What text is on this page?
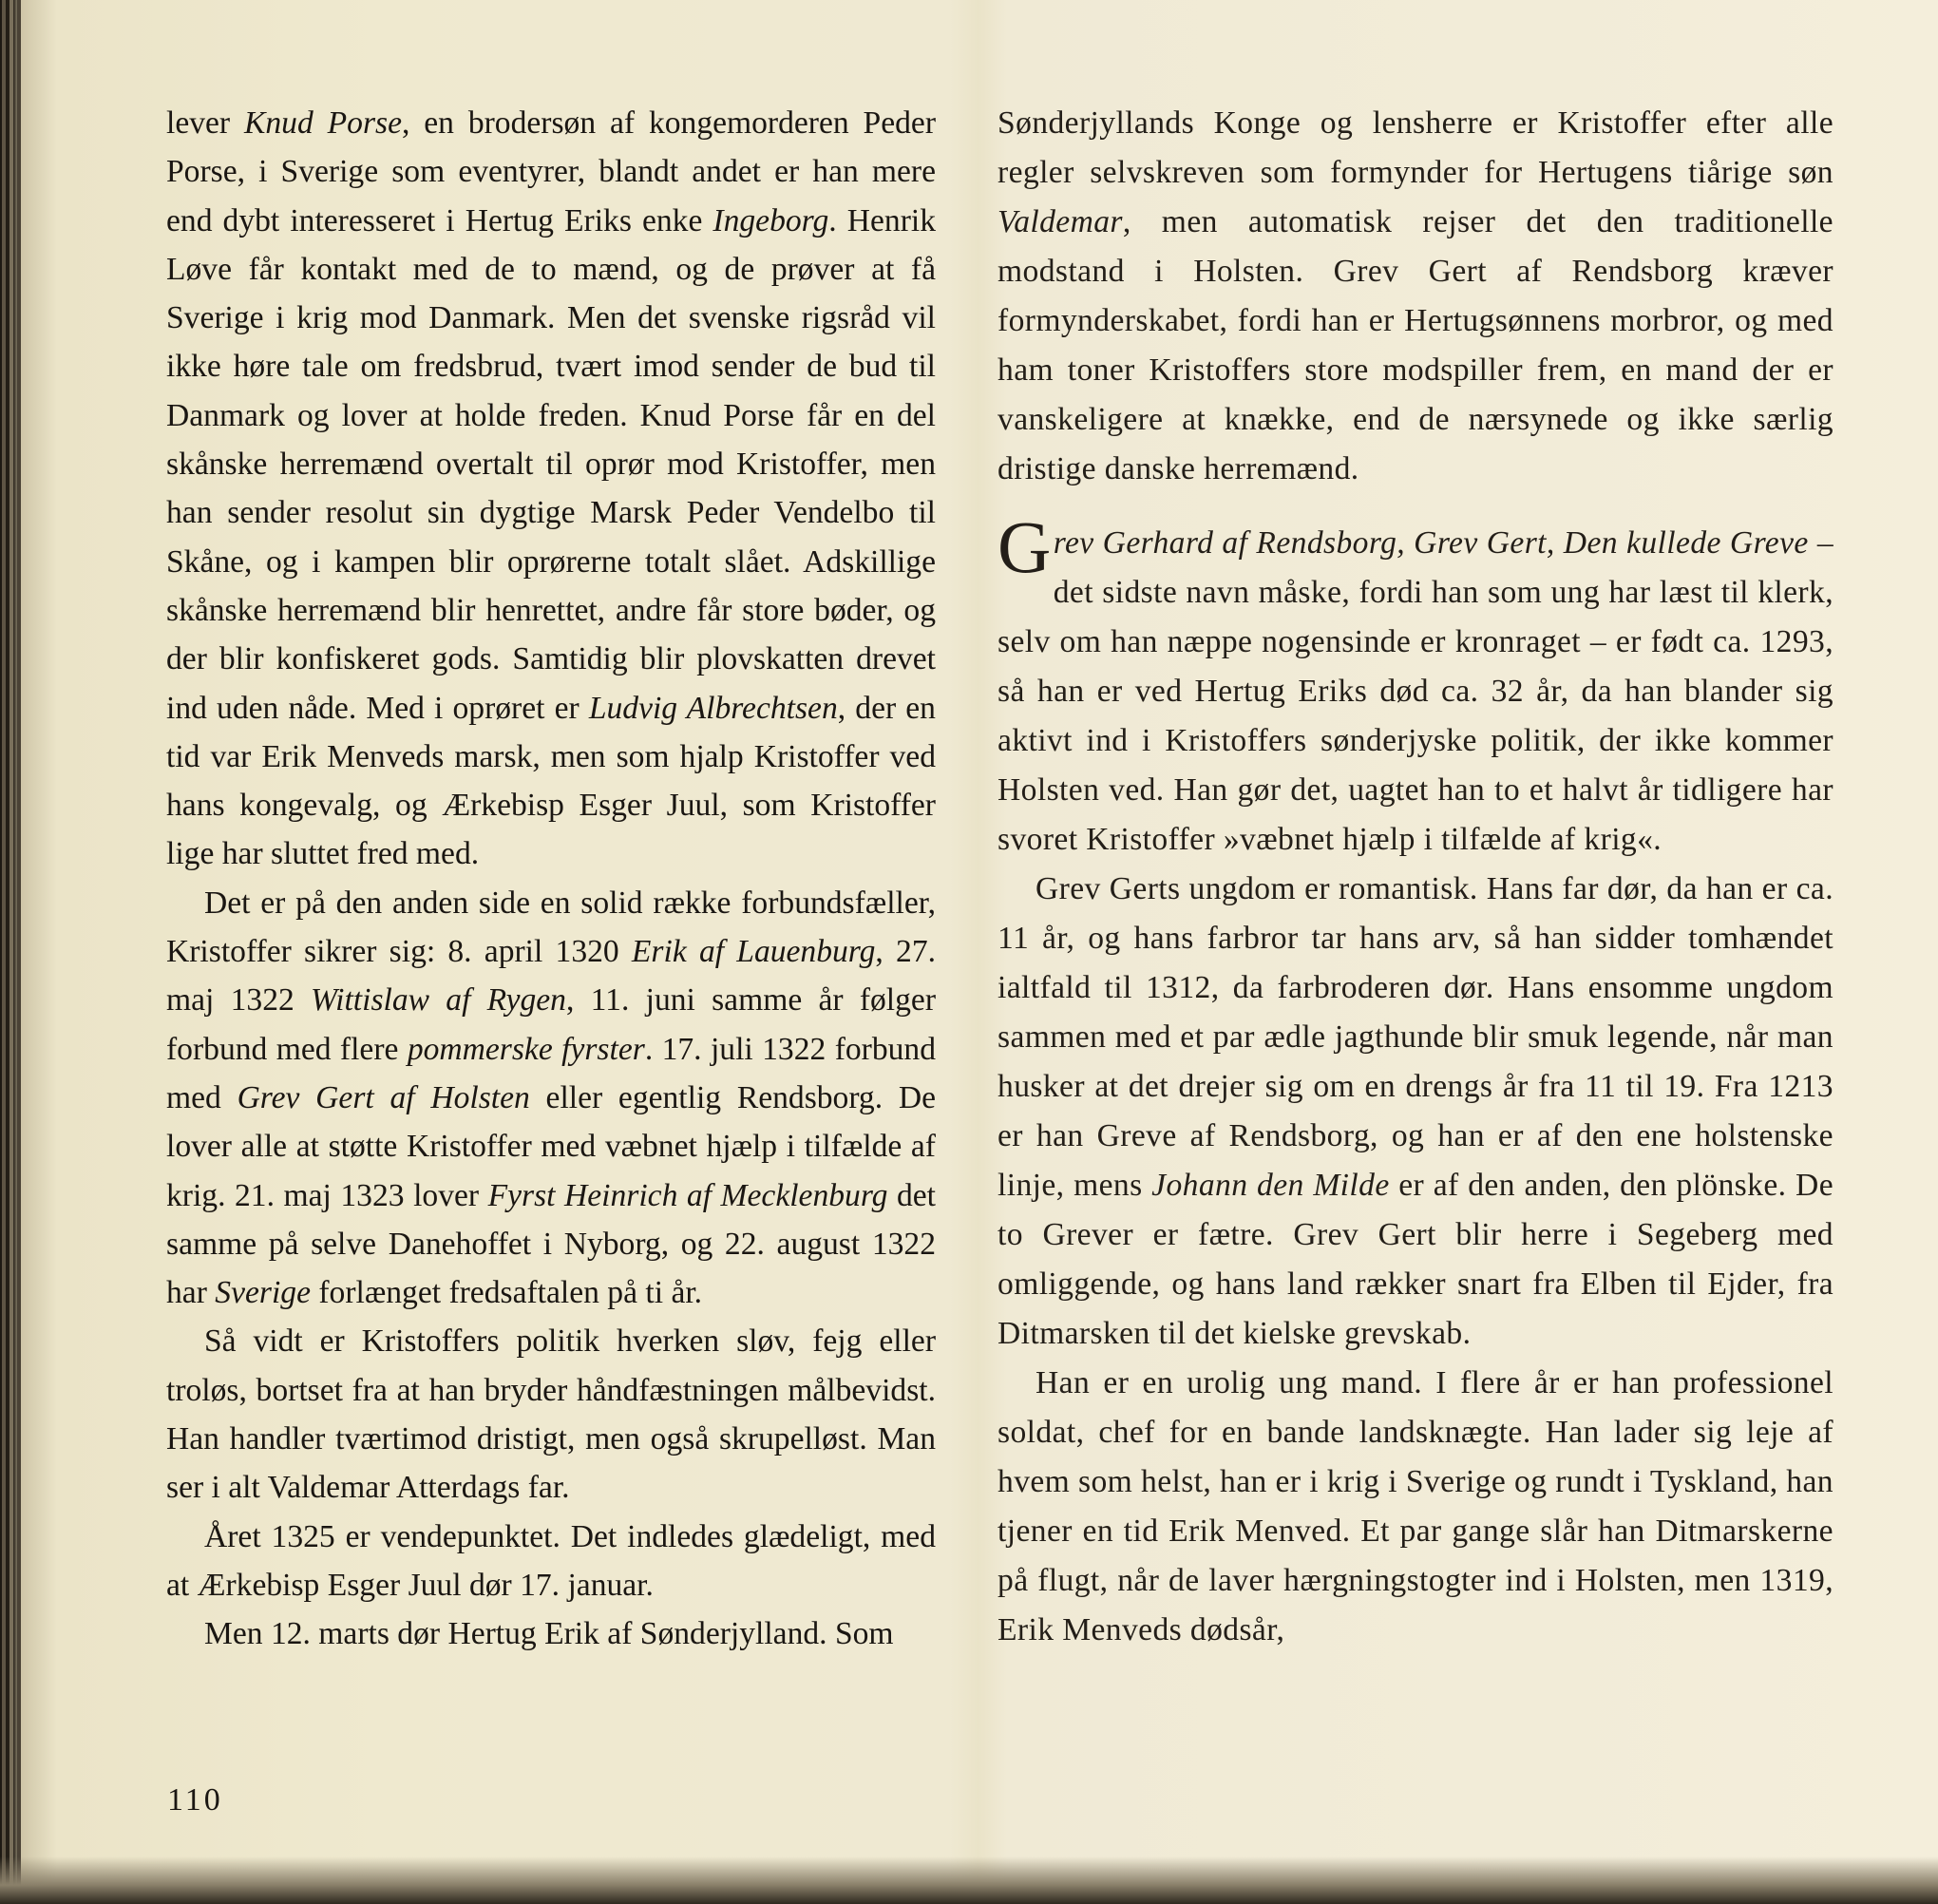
lever Knud Porse, en brodersøn af kongemorderen Peder Porse, i Sverige som eventyrer, blandt andet er han mere end dybt interesseret i Hertug Eriks enke Ingeborg. Henrik Løve får kontakt med de to mænd, og de prøver at få Sverige i krig mod Danmark. Men det svenske rigsråd vil ikke høre tale om fredsbrud, tvært imod sender de bud til Danmark og lover at holde freden. Knud Porse får en del skånske herremænd overtalt til oprør mod Kristoffer, men han sender resolut sin dygtige Marsk Peder Vendelbo til Skåne, og i kampen blir oprørerne totalt slået. Adskillige skånske herremænd blir henrettet, andre får store bøder, og der blir konfiskeret gods. Samtidig blir plovskatten drevet ind uden nåde. Med i oprøret er Ludvig Albrechtsen, der en tid var Erik Menveds marsk, men som hjalp Kristoffer ved hans kongevalg, og Ærkebisp Esger Juul, som Kristoffer lige har sluttet fred med.

Det er på den anden side en solid række forbundsfæller, Kristoffer sikrer sig: 8. april 1320 Erik af Lauenburg, 27. maj 1322 Wittislaw af Rygen, 11. juni samme år følger forbund med flere pommerske fyrster. 17. juli 1322 forbund med Grev Gert af Holsten eller egentlig Rendsborg. De lover alle at støtte Kristoffer med væbnet hjælp i tilfælde af krig. 21. maj 1323 lover Fyrst Heinrich af Mecklenburg det samme på selve Danehoffet i Nyborg, og 22. august 1322 har Sverige forlænget fredsaftalen på ti år.

Så vidt er Kristoffers politik hverken sløv, fejg eller troløs, bortset fra at han bryder håndfæstningen målbevidst. Han handler tværtimod dristigt, men også skrupelløst. Man ser i alt Valdemar Atterdags far.

Året 1325 er vendepunktet. Det indledes glædeligt, med at Ærkebisp Esger Juul dør 17. januar.

Men 12. marts dør Hertug Erik af Sønderjylland. Som

110

Sønderjyllands Konge og lensherre er Kristoffer efter alle regler selvskreven som formynder for Hertugens tiårige søn Valdemar, men automatisk rejser det den traditionelle modstand i Holsten. Grev Gert af Rendsborg kræver formynderskabet, fordi han er Hertugsønnens morbror, og med ham toner Kristoffers store modspiller frem, en mand der er vanskeligere at knække, end de nærsynede og ikke særlig dristige danske herremænd.

Grev Gerhard af Rendsborg, Grev Gert, Den kullede Greve – det sidste navn måske, fordi han som ung har læst til klerk, selv om han næppe nogensinde er kronraget – er født ca. 1293, så han er ved Hertug Eriks død ca. 32 år, da han blander sig aktivt ind i Kristoffers sønderjyske politik, der ikke kommer Holsten ved. Han gør det, uagtet han to et halvt år tidligere har svoret Kristoffer »væbnet hjælp i tilfælde af krig«.

Grev Gerts ungdom er romantisk. Hans far dør, da han er ca. 11 år, og hans farbror tar hans arv, så han sidder tomhændet ialtfald til 1312, da farbroderen dør. Hans ensomme ungdom sammen med et par ædle jagthunde blir smuk legende, når man husker at det drejer sig om en drengs år fra 11 til 19. Fra 1213 er han Greve af Rendsborg, og han er af den ene holstenske linje, mens Johann den Milde er af den anden, den plönske. De to Grever er fætre. Grev Gert blir herre i Segeberg med omliggende, og hans land rækker snart fra Elben til Ejder, fra Ditmarsken til det kielske grevskab.

Han er en urolig ung mand. I flere år er han professionel soldat, chef for en bande landsknægte. Han lader sig leje af hvem som helst, han er i krig i Sverige og rundt i Tyskland, han tjener en tid Erik Menved. Et par gange slår han Ditmarskerne på flugt, når de laver hærgningstogter ind i Holsten, men 1319, Erik Menveds dødsår,
